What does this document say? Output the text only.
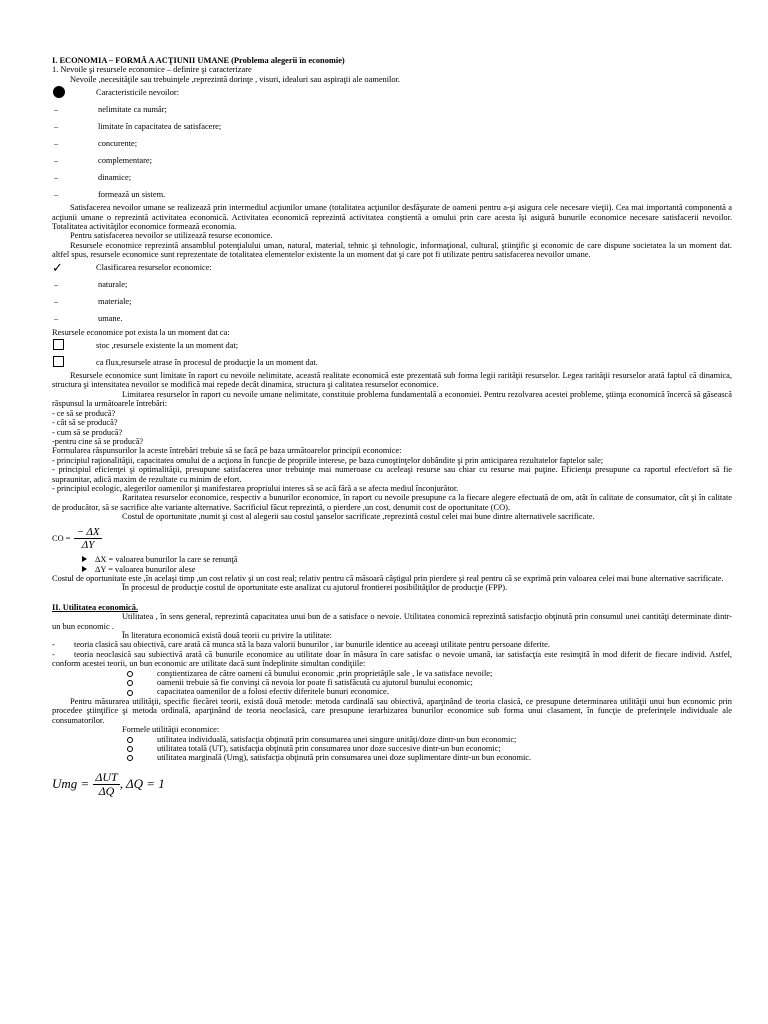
I. ECONOMIA – FORMĂ A ACŢIUNII UMANE (Problema alegerii în economie)
1. Nevoile şi resursele economice – definire şi caracterizare
Nevoile ,necesităţile sau trebuinţele ,reprezintă dorinţe , visuri, idealuri sau aspiraţii ale oamenilor.
Caracteristicile nevoilor:
–	nelimitate ca număr;
–	limitate în capacitatea de satisfacere;
–	concurente;
–	complementare;
–	dinamice;
–	formează un sistem.
Satisfacerea nevoilor umane se realizează prin intermediul acţiunilor umane (totalitatea acţiunilor desfăşurate de oameni pentru a-şi asigura cele necesare vieţii). Cea mai importantă componentă a acţiunii umane o reprezintă activitatea economică. Activitatea economică reprezintă activitatea conştientă a omului prin care acesta îşi asigură bunurile economice necesare satisfacerii nevoilor. Totalitatea activităţilor economice formează economia.
Pentru satisfacerea nevoilor se utilizează resurse economice.
Resursele economice reprezintă ansamblul potenţialului uman, natural, material, tehnic şi tehnologic, informaţional, cultural, ştiinţific şi economic de care dispune societatea la un moment dat. altfel spus, resursele economice sunt reprezentate de totalitatea elementelor existente la un moment dat şi care pot fi utilizate pentru satisfacerea nevoilor umane.
✓	Clasificarea resurselor economice:
–	naturale;
–	materiale;
–	umane.
Resursele economice pot exista la un moment dat ca:
stoc ,resursele existente la un moment dat;
ca flux,resursele atrase în procesul de producţie la un moment dat.
Resursele economice sunt limitate în raport cu nevoile nelimitate, această realitate economică este prezentată sub forma legii rarităţii resurselor. Legea rarităţii resurselor arată faptul că dinamica, structura şi intensitatea nevoilor se modifică mai repede decât dinamica, structura şi calitatea resurselor economice.
Limitarea resurselor în raport cu nevoile umane nelimitate, constituie problema fundamentală a economiei. Pentru rezolvarea acestei probleme, ştiinţa economică încercă să găsească răspunsul la următoarele întrebări:
- ce să se producă?
- cât să se producă?
- cum să se producă?
-pentru cine să se producă?
Formularea răspunsurilor la aceste întrebări trebuie să se facă pe baza următoarelor principii economice:
- principiul raţionalităţii, capacitatea omului de a acţiona în funcţie de propriile interese, pe baza cunoştinţelor dobândite şi prin anticiparea rezultatelor faptelor sale;
- principiul eficienţei şi optimalităţii, presupune satisfacerea unor trebuinţe mai numeroase cu aceleaşi resurse sau chiar cu resurse mai puţine. Eficienţa presupune ca raportul efect/efort să fie supraunitar, adică maxim de rezultate cu minim de efort.
- principiul ecologic, alegerilor oamenilor şi manifestarea propriului interes să se acă fără a se afecta mediul înconjurător.
Raritatea resurselor economice, respectiv a bunurilor economice, în raport cu nevoile presupune ca la fiecare alegere efectuată de om, atât în calitate de consumator, cât şi în calitate de producător, să se sacrifice alte variante alternative. Sacrificiul făcut reprezintă, o pierdere ,un cost, denumit cost de oportunitate (CO).
Costul de oportunitate ,numit şi cost al alegerii sau costul şanselor sacrificate ,reprezintă costul celei mai bune dintre alternativele sacrificate.
CO = $\frac{- \Delta X}{\Delta Y}$
ΔX = valoarea bunurilor la care se renunţă
ΔY = valoarea bunurilor alese
Costul de oportunitate este ,în acelaşi timp ,un cost relativ şi un cost real; relativ pentru că măsoară câştigul prin pierdere şi real pentru că se exprimă prin valoarea celei mai bune alternative sacrificate.
În procesul de producţie costul de oportunitate este analizat cu ajutorul frontierei posibilităţilor de producţie (FPP).
II. Utilitatea economică.
Utilitatea , în sens general, reprezintă capacitatea unui bun de a satisface o nevoie. Utilitatea conomică reprezintă satisfacţio obţinută prin consumul unei cantităţi determinate dintr-un bun economic .
În literatura economică există două teorii cu privire la utilitate:
- teoria clasică sau obiectivă, care arată că munca stă la baza valorii bunurilor , iar bunurile identice au aceeaşi utilitate pentru persoane diferite.
- teoria neoclasică sau subiectivă arată că bunurile economice au utilitate doar în măsura în care satisfac o nevoie umană, iar satisfacţia este resimţită în mod diferit de fiecare individ. Astfel, conform acestei teorii, un bun economic are utilitate dacă sunt îndeplinite simultan condiţiile:
conştientizarea de către oameni că bunului economic ,prin proprietăţile sale , le va satisface nevoile;
oamenii trebuie să fie convinşi că nevoia lor poate fi satisfăcută cu ajutorul bunului economic;
capacitatea oamenilor de a folosi efectiv diferitele bunuri economice.
Pentru măsurarea utilităţii, specific fiecărei teorii, există două metode: metoda cardinală sau obiectivă, aparţinând de teoria clasică, ce presupune determinarea utilităţii unui bun economic prin procedee ştiinţifice şi metoda ordinală, aparţinând de teoria neoclasică, care presupune ierarhizarea bunurilor economice sub forma unui clasament, în funcţie de preferinţele individuale ale consumatorilor.
Formele utilităţii economice:
utilitatea individuală, satisfacţia obţinută prin consumarea unei singure unităţi/doze dintr-un bun economic;
utilitatea totală (UT), satisfacţia obţinută prin consumarea unor doze succesive dintr-un bun economic;
utilitatea marginală (Umg), satisfacţia obţinută prin consumarea unei doze suplimentare dintr-un bun economic.
Umg = $\frac{\text{ΔUT}}{\Delta Q}$ , ΔQ = 1
